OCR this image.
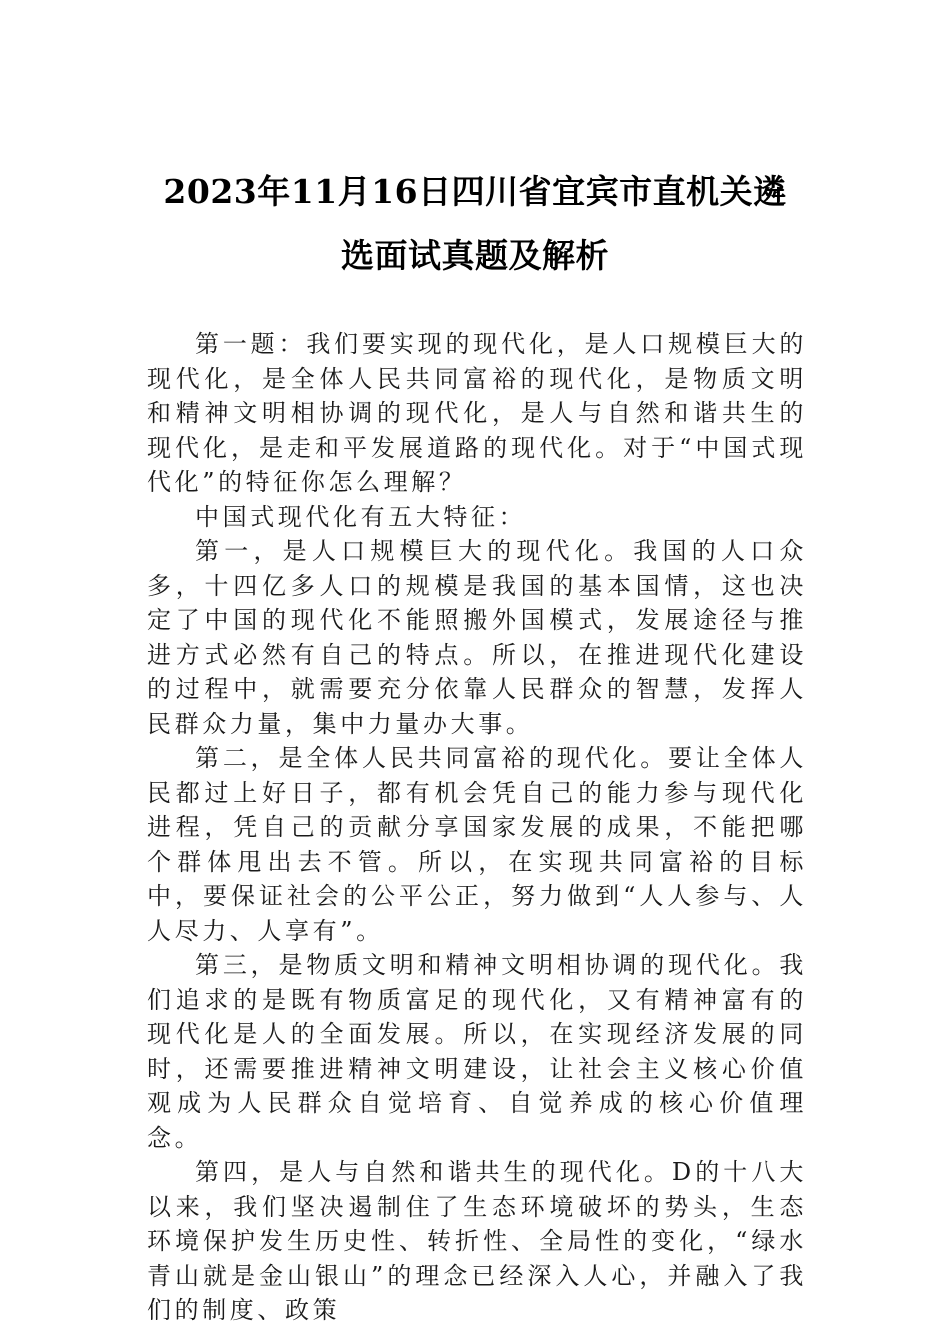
2023年11月16日四川省宜宾市直机关遴
选面试真题及解析

第一题：我们要实现的现代化，是人口规模巨大的现代化，是全体人民共同富裕的现代化，是物质文明和精神文明相协调的现代化，是人与自然和谐共生的现代化，是走和平发展道路的现代化。对于“中国式现代化”的特征你怎么理解？

中国式现代化有五大特征：

第一，是人口规模巨大的现代化。我国的人口众多，十四亿多人口的规模是我国的基本国情，这也决定了中国的现代化不能照搬外国模式，发展途径与推进方式必然有自己的特点。所以，在推进现代化建设的过程中，就需要充分依靠人民群众的智慧，发挥人民群众力量，集中力量办大事。

第二，是全体人民共同富裕的现代化。要让全体人民都过上好日子，都有机会凭自己的能力参与现代化进程，凭自己的贡献分享国家发展的成果，不能把哪个群体甩出去不管。所以，在实现共同富裕的目标中，要保证社会的公平公正，努力做到“人人参与、人人尽力、人享有”。

第三，是物质文明和精神文明相协调的现代化。我们追求的是既有物质富足的现代化，又有精神富有的现代化是人的全面发展。所以，在实现经济发展的同时，还需要推进精神文明建设，让社会主义核心价值观成为人民群众自觉培育、自觉养成的核心价值理念。

第四，是人与自然和谐共生的现代化。D的十八大以来，我们坚决遏制住了生态环境破坏的势头，生态环境保护发生历史性、转折性、全局性的变化，“绿水青山就是金山银山”的理念已经深入人心，并融入了我们的制度、政策
